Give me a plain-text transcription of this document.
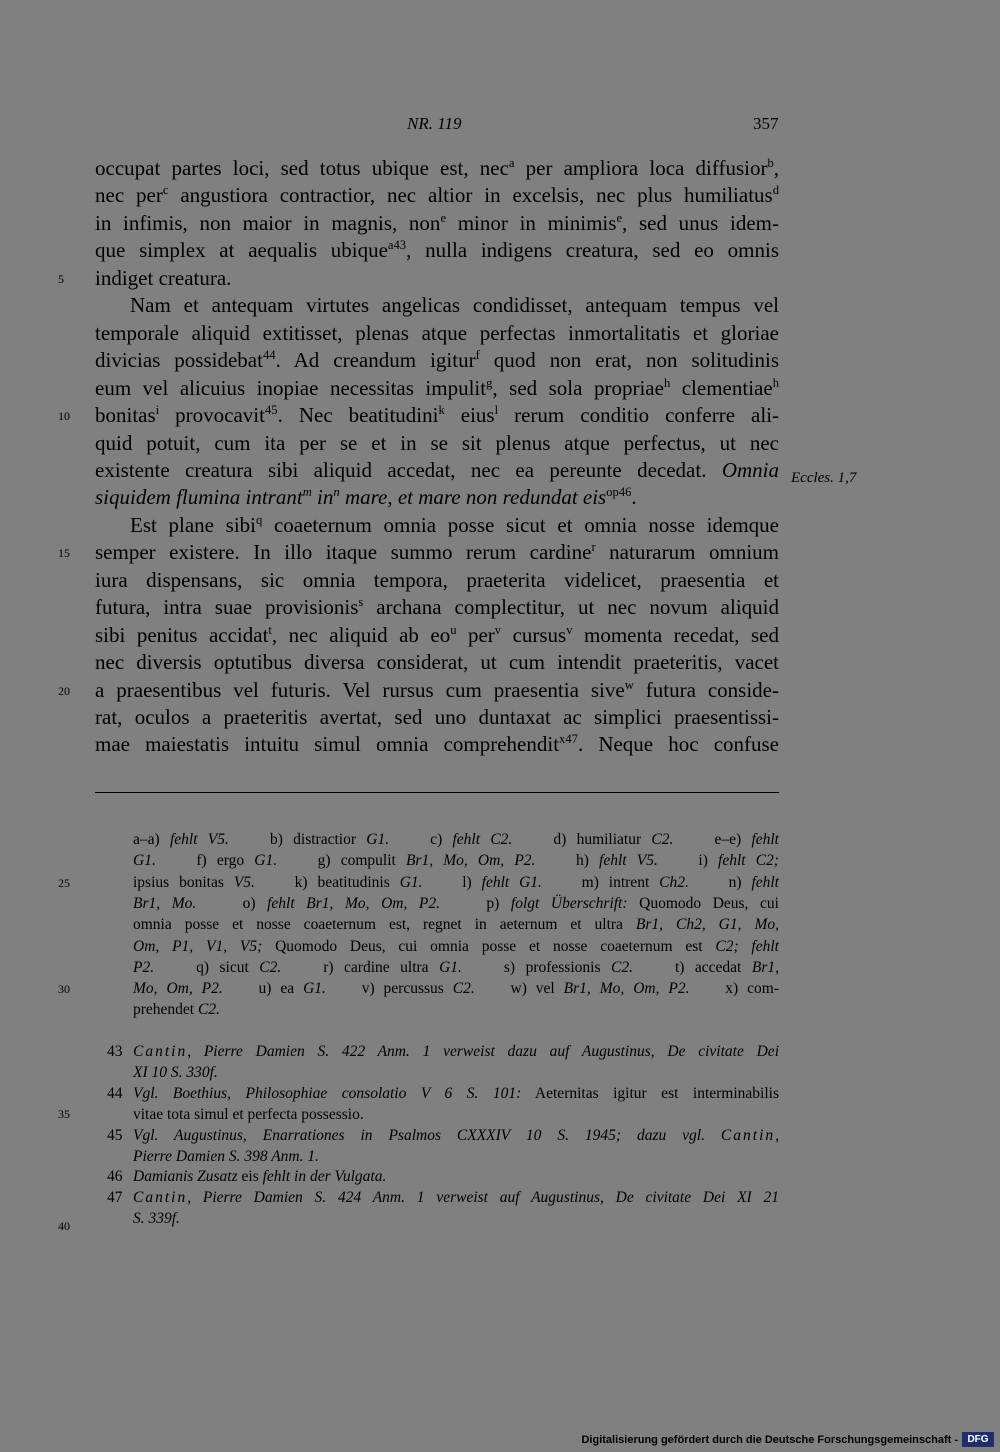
NR. 119	357
occupat partes loci, sed totus ubique est, nec$^a$ per ampliora loca diffusior$^b$,
nec per$^c$ angustiora contractior, nec altior in excelsis, nec plus humiliatus$^d$
in infimis, non maior in magnis, non$^e$ minor in minimis$^e$, sed unus idem-
que simplex at aequalis ubique$^{a43}$, nulla indigens creatura, sed eo omnis
indiget creatura.
Nam et antequam virtutes angelicas condidisset, antequam tempus vel
temporale aliquid extitisset, plenas atque perfectas inmortalitatis et gloriae
divicias possidebat$^{44}$. Ad creandum igitur$^f$ quod non erat, non solitudinis
eum vel alicuius inopiae necessitas impulit$^g$, sed sola propriae$^h$ clementiae$^h$
bonitas$^i$ provocavit$^{45}$. Nec beatitudini$^k$ eius$^l$ rerum conditio conferre ali-
quid potuit, cum ita per se et in se sit plenus atque perfectus, ut nec
existente creatura sibi aliquid accedat, nec ea pereunte decedat. Omnia
siquidem flumina intrant$^m$ $in^n$ mare, et mare non redundat eis$^{op46}$.
Est plane sibi$^q$ coaeternum omnia posse sicut et omnia nosse idemque
semper existere. In illo itaque summo rerum cardine$^r$ naturarum omnium
iura dispensans, sic omnia tempora, praeterita videlicet, praesentia et
futura, intra suae provisionis$^s$ archana complectitur, ut nec novum aliquid
sibi penitus accidat$^t$, nec aliquid ab $eo^u$ per$^v$ cursus$^v$ momenta recedat, sed
nec diversis optutibus diversa considerat, ut cum intendit praeteritis, vacet
a praesentibus vel futuris. Vel rursus cum praesentia sive$^w$ futura conside-
rat, oculos a praeteritis avertat, sed uno duntaxat ac simplici praesentissi-
mae maiestatis intuitu simul omnia comprehendit$^{x47}$. Neque hoc confuse
5
10
15
20
Eccles. 1,7
a–a) fehlt V5.    b) distractior G1.    c) fehlt C2.    d) humiliatur C2.    e–e) fehlt
G1.    f) ergo G1.    g) compulit Br1, Mo, Om, P2.    h) fehlt V5.    i) fehlt C2;
ipsius bonitas V5.    k) beatitudinis G1.    l) fehlt G1.    m) intrent Ch2.    n) fehlt
Br1, Mo.    o) fehlt Br1, Mo, Om, P2.    p) folgt Überschrift: Quomodo Deus, cui
omnia posse et nosse coaeternum est, regnet in aeternum et ultra Br1, Ch2, G1, Mo,
Om, P1, V1, V5; Quomodo Deus, cui omnia posse et nosse coaeternum est C2; fehlt
P2.    q) sicut C2.    r) cardine ultra G1.    s) professionis C2.    t) accedat Br1,
Mo, Om, P2.    u) ea G1.    v) percussus C2.    w) vel Br1, Mo, Om, P2.    x) com-
prehendet C2.
25
30
43 Cantin, Pierre Damien S. 422 Anm. 1 verweist dazu auf Augustinus, De civitate Dei
XI 10 S. 330f.
44 Vgl. Boethius, Philosophiae consolatio V 6 S. 101: Aeternitas igitur est interminabilis
vitae tota simul et perfecta possessio.
45 Vgl. Augustinus, Enarrationes in Psalmos CXXXIV 10 S. 1945; dazu vgl. Cantin,
Pierre Damien S. 398 Anm. 1.
46 Damianis Zusatz eis fehlt in der Vulgata.
47 Cantin, Pierre Damien S. 424 Anm. 1 verweist auf Augustinus, De civitate Dei XI 21
S. 339f.
35
40
Digitalisierung gefördert durch die Deutsche Forschungsgemeinschaft - DFG
